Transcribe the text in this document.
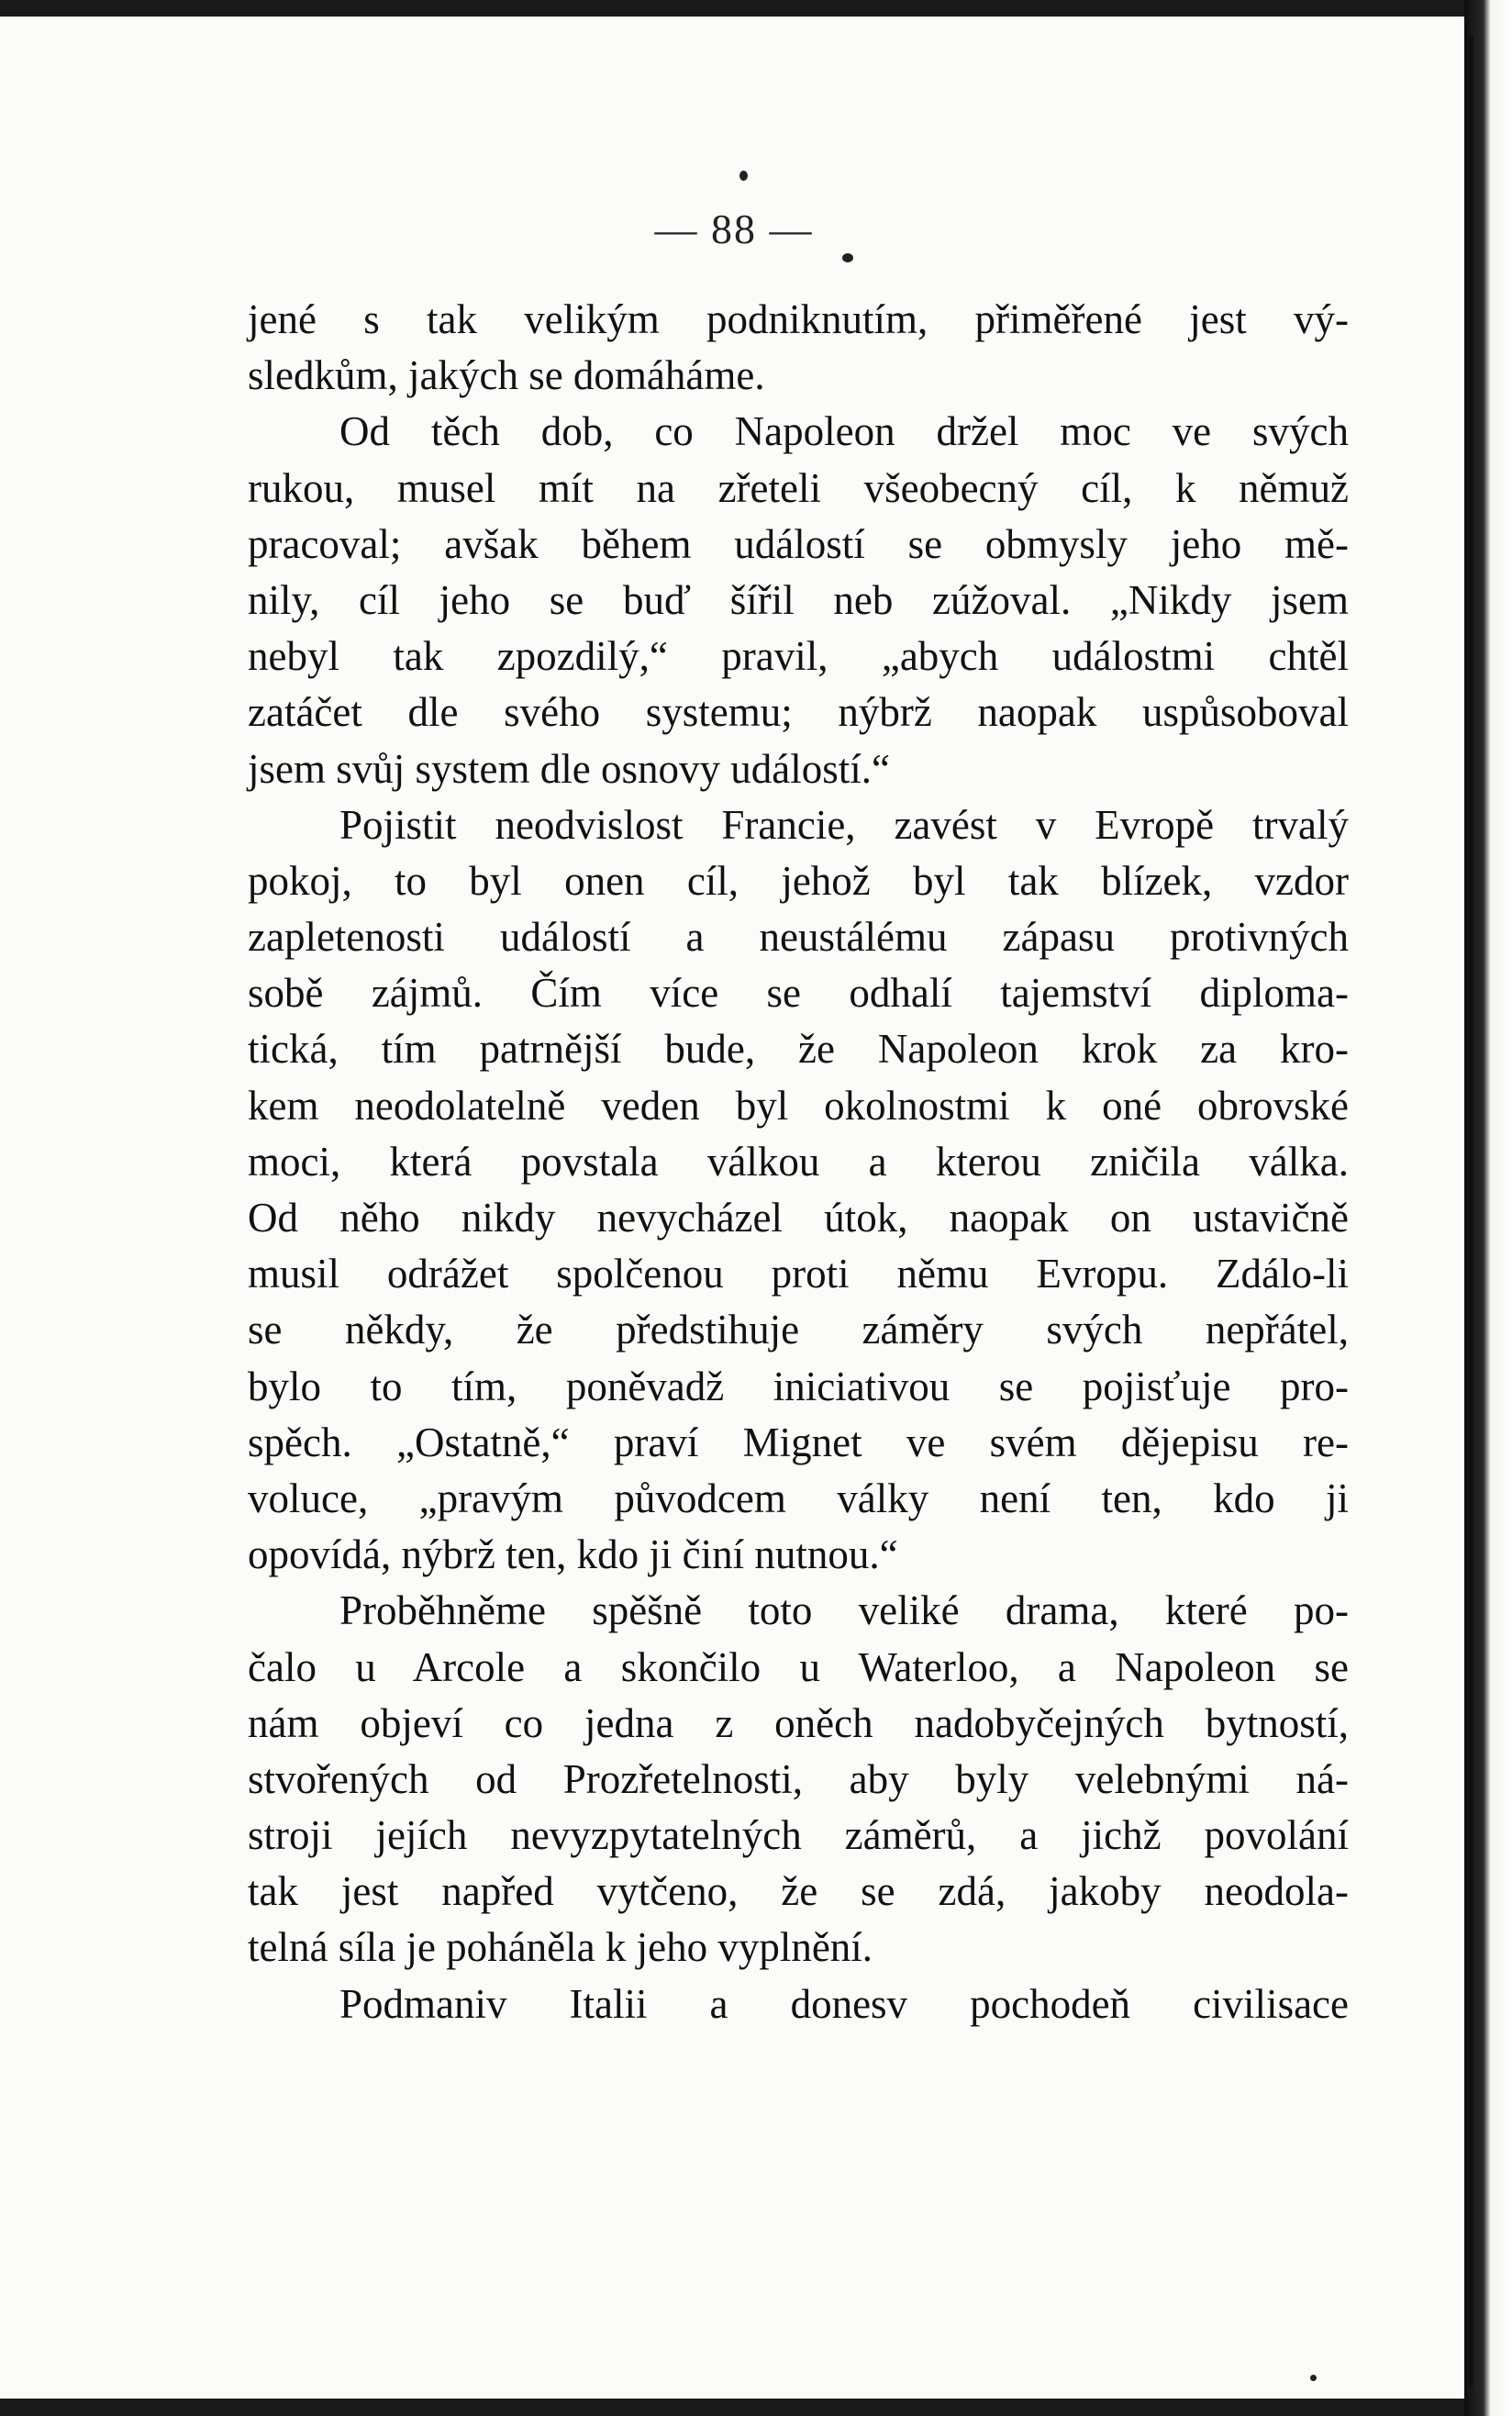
— 88 —
jené s tak velikým podniknutím, přiměřené jest vý-
sledkům, jakých se domáháme.
Od těch dob, co Napoleon držel moc ve svých
rukou, musel mít na zřeteli všeobecný cíl, k němuž
pracoval; avšak během událostí se obmysly jeho mě-
nily, cíl jeho se buď šířil neb zúžoval. „Nikdy jsem
nebyl tak zpozdilý,“ pravil, „abych událostmi chtěl
zatáčet dle svého systemu; nýbrž naopak uspůsoboval
jsem svůj system dle osnovy událostí.“
Pojistit neodvislost Francie, zavést v Evropě trvalý
pokoj, to byl onen cíl, jehož byl tak blízek, vzdor
zapletenosti událostí a neustálému zápasu protivných
sobě zájmů. Čím více se odhalí tajemství diploma-
tická, tím patrnější bude, že Napoleon krok za kro-
kem neodolatelně veden byl okolnostmi k oné obrovské
moci, která povstala válkou a kterou zničila válka.
Od něho nikdy nevycházel útok, naopak on ustavičně
musil odrážet spolčenou proti němu Evropu. Zdálo-li
se někdy, že předstihuje záměry svých nepřátel,
bylo to tím, poněvadž iniciativou se pojisťuje pro-
spěch. „Ostatně,“ praví Mignet ve svém dějepisu re-
voluce, „pravým původcem války není ten, kdo ji
opovídá, nýbrž ten, kdo ji činí nutnou.“
Proběhněme spěšně toto veliké drama, které po-
čalo u Arcole a skončilo u Waterloo, a Napoleon se
nám objeví co jedna z oněch nadobyčejných bytností,
stvořených od Prozřetelnosti, aby byly velebnými ná-
stroji jejích nevyzpytatelných záměrů, a jichž povolání
tak jest napřed vytčeno, že se zdá, jakoby neodola-
telná síla je poháněla k jeho vyplnění.
Podmaniv Italii a donesv pochodeň civilisace
